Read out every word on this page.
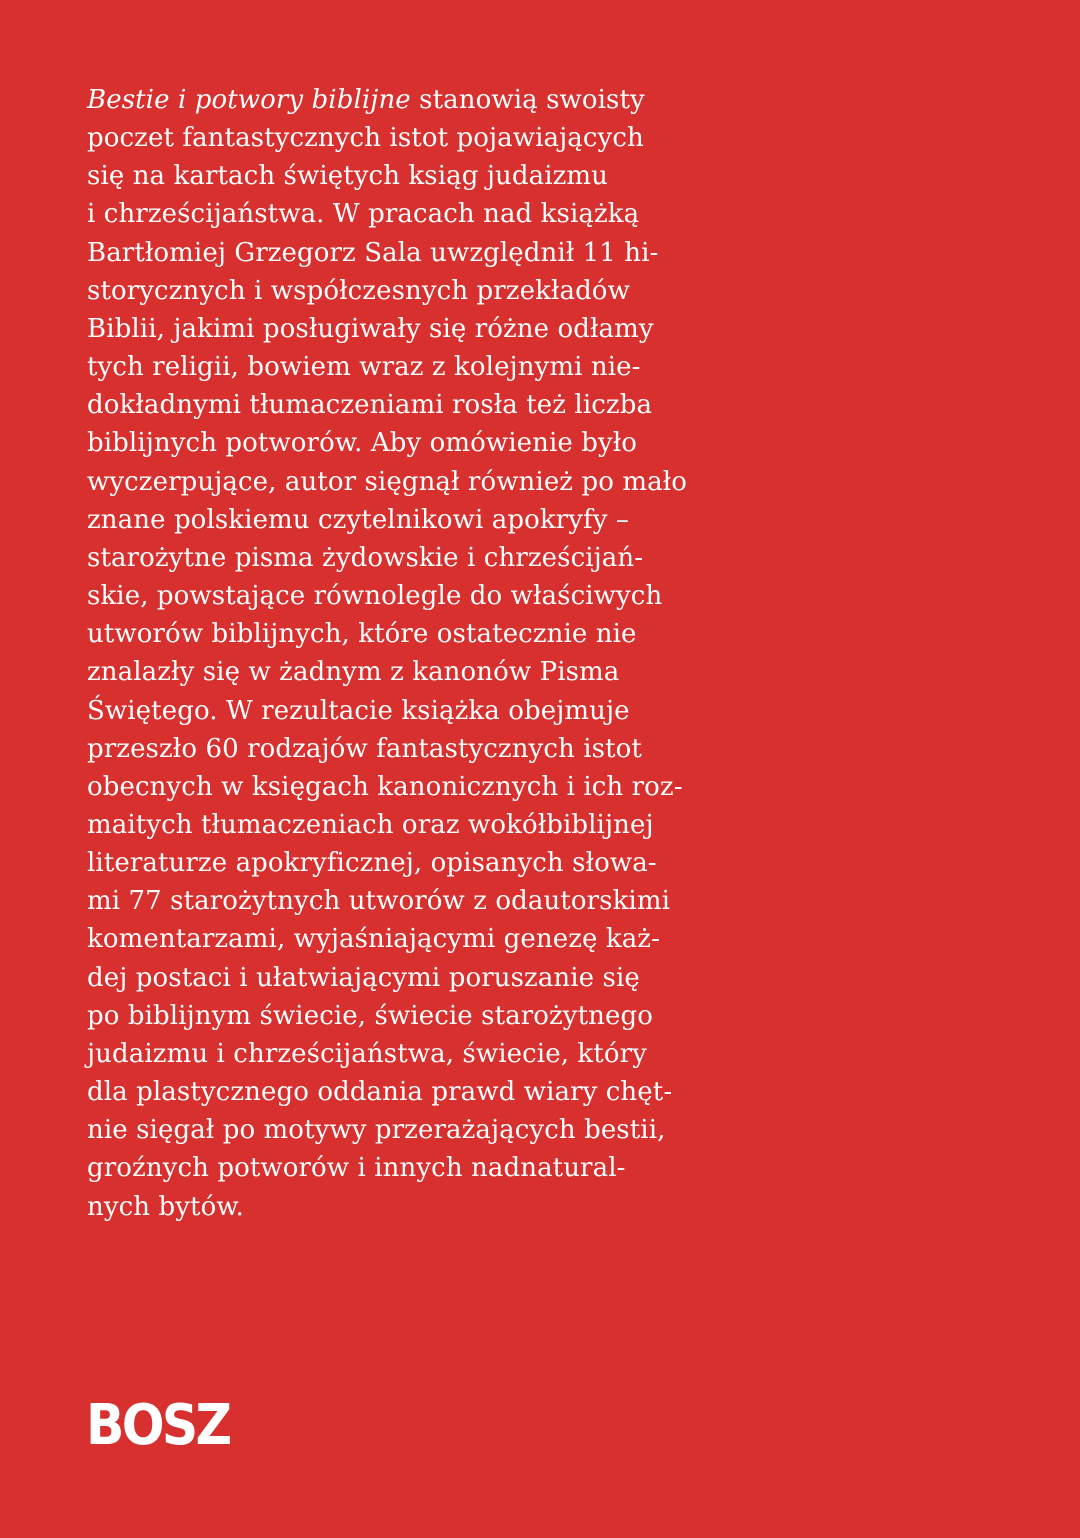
Bestie i potwory biblijne stanowią swoisty
poczet fantastycznych istot pojawiających
się na kartach świętych ksiąg judaizmu
i chrześcijaństwa. W pracach nad książką
Bartłomiej Grzegorz Sala uwzględnił 11 hi-
storycznych i współczesnych przekładów
Biblii, jakimi posługiwały się różne odłamy
tych religii, bowiem wraz z kolejnymi nie-
dokładnymi tłumaczeniami rosła też liczba
biblijnych potworów. Aby omówienie było
wyczerpujące, autor sięgnął również po mało
znane polskiemu czytelnikowi apokryfy –
starożytne pisma żydowskie i chrześcijań-
skie, powstające równolegle do właściwych
utworów biblijnych, które ostatecznie nie
znalazły się w żadnym z kanonów Pisma
Świętego. W rezultacie książka obejmuje
przeszło 60 rodzajów fantastycznych istot
obecnych w księgach kanonicznych i ich roz-
maitych tłumaczeniach oraz wokółbiblijnej
literaturze apokryficznej, opisanych słowa-
mi 77 starożytnych utworów z odautorskimi
komentarzami, wyjaśniającymi genezę każ-
dej postaci i ułatwiającymi poruszanie się
po biblijnym świecie, świecie starożytnego
judaizmu i chrześcijaństwa, świecie, który
dla plastycznego oddania prawd wiary chęt-
nie sięgał po motywy przerażających bestii,
groźnych potworów i innych nadnatural-
nych bytów.

BOSZ
